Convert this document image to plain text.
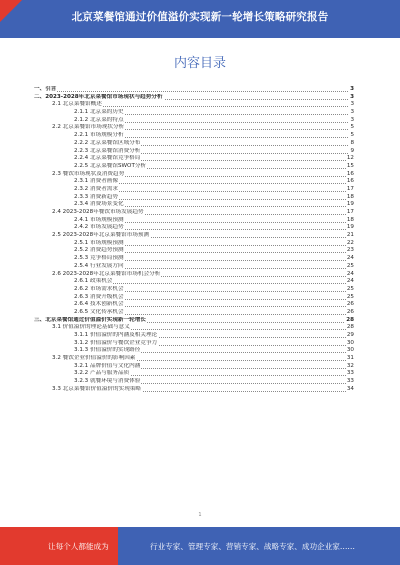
北京菜餐馆通过价值溢价实现新一轮增长策略研究报告
内容目录
一、引言	3
二、2023-2028年北京菜餐馆市场现状与趋势分析	3
2.1 北京菜餐馆概述	3
2.1.1 北京菜的历史	3
2.1.2 北京菜的特点	3
2.2 北京菜餐馆市场现状分析	5
2.2.1 市场规模分析	5
2.2.2 北京菜餐馆区域分布	8
2.2.3 北京菜餐馆消费分析	9
2.2.4 北京菜餐馆竞争格局	12
2.2.5 北京菜餐馆SWOT分析	15
2.3 餐饮市场现状及消费趋势	16
2.3.1 消费者画像	16
2.3.2 消费者需求	17
2.3.3 消费新趋势	18
2.3.4 消费场景变化	19
2.4 2023-2028年餐饮市场发展趋势	17
2.4.1 市场规模预测	18
2.4.2 市场发展趋势	19
2.5 2023-2028年北京菜餐馆市场预测	21
2.5.1 市场规模预测	22
2.5.2 消费趋势预测	23
2.5.3 竞争格局预测	24
2.5.4 行业发展方向	25
2.6 2023-2028年北京菜餐馆市场机会分析	24
2.6.1 政策机会	24
2.6.2 市场需求机会	25
2.6.3 消费升级机会	25
2.6.4 技术创新机会	26
2.6.5 文化传承机会	26
三、北京菜餐馆通过价值溢价实现新一轮增长	28
3.1 价值溢价的理论基础与意义	28
3.1.1 价值溢价的内涵及相关理论	29
3.1.2 价值溢价与餐饮企业竞争力	30
3.1.3 价值溢价的实现路径	30
3.2 餐饮企业价值溢价的影响因素	31
3.2.1 品牌价值与文化内涵	32
3.2.2 产品与服务品质	33
3.2.3 就餐环境与消费体验	33
3.3 北京菜餐馆价值溢价的实现策略	34
1
让每个人都能成为	行业专家、管理专家、营销专家、战略专家、成功企业家……
